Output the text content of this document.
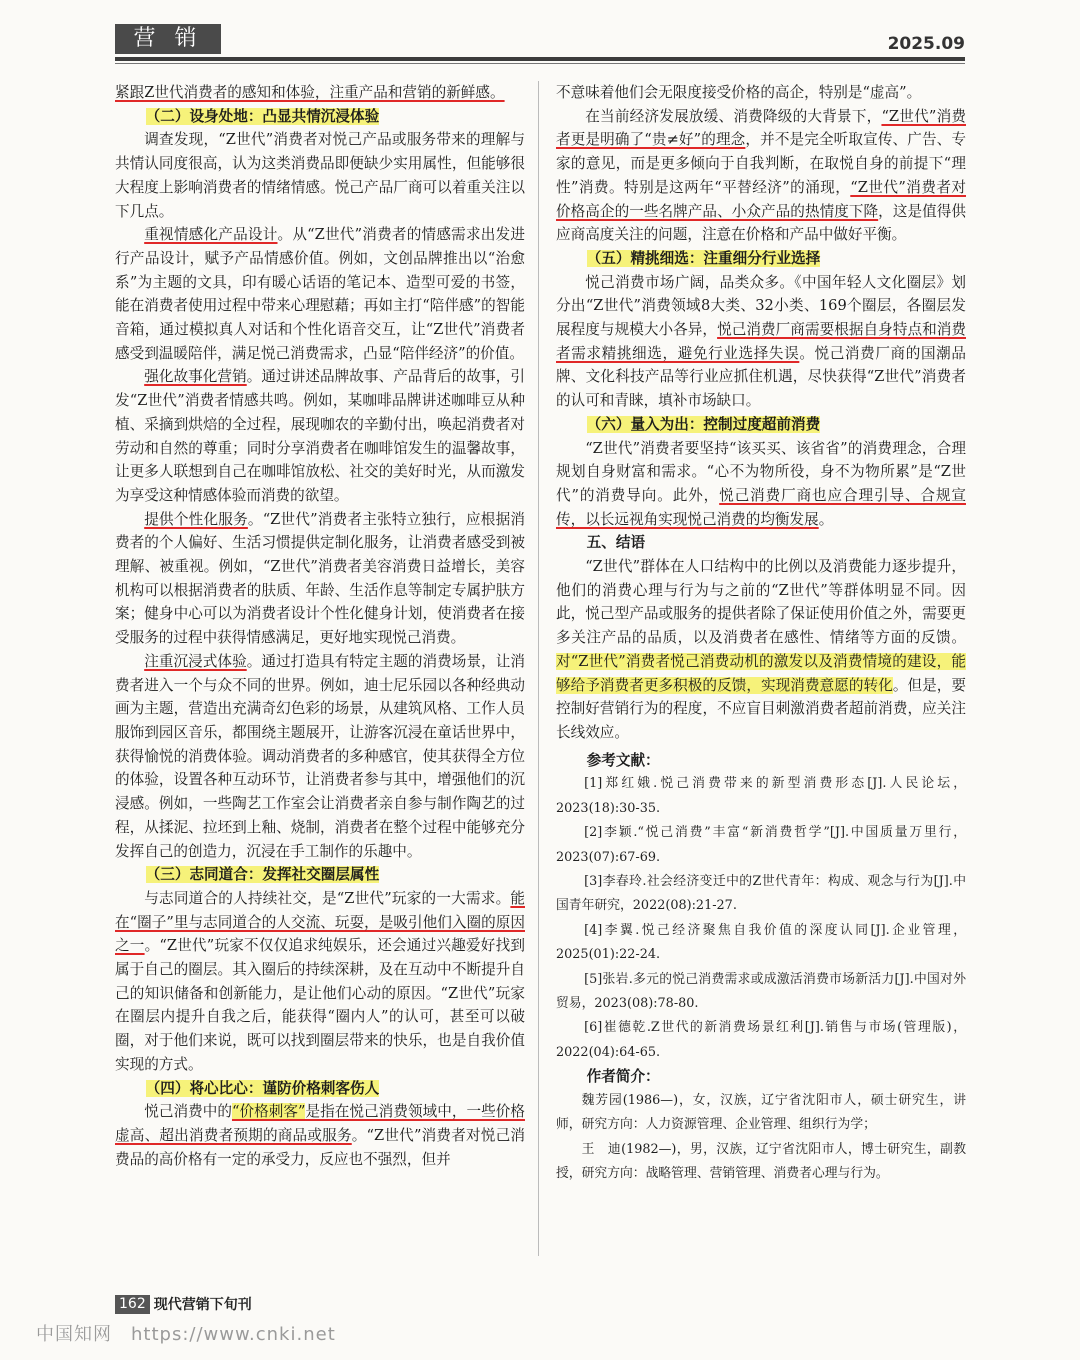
营 销	2025.09

紧跟Z世代消费者的感知和体验，注重产品和营销的新鲜感。

（二）设身处地：凸显共情沉浸体验

调查发现，“Z世代”消费者对悦己产品或服务带来的理解与共情认同度很高，认为这类消费品即便缺少实用属性，但能够很大程度上影响消费者的情绪情感。悦己产品厂商可以着重关注以下几点。

重视情感化产品设计。从“Z世代”消费者的情感需求出发进行产品设计，赋予产品情感价值。例如，文创品牌推出以“治愈系”为主题的文具，印有暖心话语的笔记本、造型可爱的书签，能在消费者使用过程中带来心理慰藉；再如主打“陪伴感”的智能音箱，通过模拟真人对话和个性化语音交互，让“Z世代”消费者感受到温暖陪伴，满足悦己消费需求，凸显“陪伴经济”的价值。

强化故事化营销。通过讲述品牌故事、产品背后的故事，引发“Z世代”消费者情感共鸣。例如，某咖啡品牌讲述咖啡豆从种植、采摘到烘焙的全过程，展现咖农的辛勤付出，唤起消费者对劳动和自然的尊重；同时分享消费者在咖啡馆发生的温馨故事，让更多人联想到自己在咖啡馆放松、社交的美好时光，从而激发为享受这种情感体验而消费的欲望。

提供个性化服务。“Z世代”消费者主张特立独行，应根据消费者的个人偏好、生活习惯提供定制化服务，让消费者感受到被理解、被重视。例如，“Z世代”消费者美容消费日益增长，美容机构可以根据消费者的肤质、年龄、生活作息等制定专属护肤方案；健身中心可以为消费者设计个性化健身计划，使消费者在接受服务的过程中获得情感满足，更好地实现悦己消费。

注重沉浸式体验。通过打造具有特定主题的消费场景，让消费者进入一个与众不同的世界。例如，迪士尼乐园以各种经典动画为主题，营造出充满奇幻色彩的场景，从建筑风格、工作人员服饰到园区音乐，都围绕主题展开，让游客沉浸在童话世界中，获得愉悦的消费体验。调动消费者的多种感官，使其获得全方位的体验，设置各种互动环节，让消费者参与其中，增强他们的沉浸感。例如，一些陶艺工作室会让消费者亲自参与制作陶艺的过程，从揉泥、拉坯到上釉、烧制，消费者在整个过程中能够充分发挥自己的创造力，沉浸在手工制作的乐趣中。

（三）志同道合：发挥社交圈层属性

与志同道合的人持续社交，是“Z世代”玩家的一大需求。能在“圈子”里与志同道合的人交流、玩耍，是吸引他们入圈的原因之一。“Z世代”玩家不仅仅追求纯娱乐，还会通过兴趣爱好找到属于自己的圈层。其入圈后的持续深耕，及在互动中不断提升自己的知识储备和创新能力，是让他们心动的原因。“Z世代”玩家在圈层内提升自我之后，能获得“圈内人”的认可，甚至可以破圈，对于他们来说，既可以找到圈层带来的快乐，也是自我价值实现的方式。

（四）将心比心：谨防价格刺客伤人

悦己消费中的“价格刺客”是指在悦己消费领域中，一些价格虚高、超出消费者预期的商品或服务。“Z世代”消费者对悦己消费品的高价格有一定的承受力，反应也不强烈，但并

不意味着他们会无限度接受价格的高企，特别是“虚高”。

在当前经济发展放缓、消费降级的大背景下，“Z世代”消费者更是明确了“贵≠好”的理念，并不是完全听取宣传、广告、专家的意见，而是更多倾向于自我判断，在取悦自身的前提下“理性”消费。特别是这两年“平替经济”的涌现，“Z世代”消费者对价格高企的一些名牌产品、小众产品的热情度下降，这是值得供应商高度关注的问题，注意在价格和产品中做好平衡。

（五）精挑细选：注重细分行业选择

悦己消费市场广阔，品类众多。《中国年轻人文化圈层》划分出“Z世代”消费领域8大类、32小类、169个圈层，各圈层发展程度与规模大小各异，悦己消费厂商需要根据自身特点和消费者需求精挑细选，避免行业选择失误。悦己消费厂商的国潮品牌、文化科技产品等行业应抓住机遇，尽快获得“Z世代”消费者的认可和青睐，填补市场缺口。

（六）量入为出：控制过度超前消费

“Z世代”消费者要坚持“该买买、该省省”的消费理念，合理规划自身财富和需求。“心不为物所役，身不为物所累”是“Z世代”的消费导向。此外，悦己消费厂商也应合理引导、合规宣传，以长远视角实现悦己消费的均衡发展。

五、结语

“Z世代”群体在人口结构中的比例以及消费能力逐步提升，他们的消费心理与行为与之前的“Z世代”等群体明显不同。因此，悦己型产品或服务的提供者除了保证使用价值之外，需要更多关注产品的品质，以及消费者在感性、情绪等方面的反馈。对“Z世代”消费者悦己消费动机的激发以及消费情境的建设，能够给予消费者更多积极的反馈，实现消费意愿的转化。但是，要控制好营销行为的程度，不应盲目刺激消费者超前消费，应关注长线效应。

参考文献：

[1]郑红娥.悦己消费带来的新型消费形态[J].人民论坛，2023(18):30-35.

[2]李颖.“悦己消费”丰富“新消费哲学”[J].中国质量万里行，2023(07):67-69.

[3]李春玲.社会经济变迁中的Z世代青年：构成、观念与行为[J].中国青年研究，2022(08):21-27.

[4]李翼.悦己经济聚焦自我价值的深度认同[J].企业管理，2025(01):22-24.

[5]张岩.多元的悦己消费需求或成激活消费市场新活力[J].中国对外贸易，2023(08):78-80.

[6]崔德乾.Z世代的新消费场景红利[J].销售与市场(管理版)，2022(04):64-65.

作者简介：

魏芳园(1986—)，女，汉族，辽宁省沈阳市人，硕士研究生，讲师，研究方向：人力资源管理、企业管理、组织行为学；

王　迪(1982—)，男，汉族，辽宁省沈阳市人，博士研究生，副教授，研究方向：战略管理、营销管理、消费者心理与行为。

162 现代营销下旬刊
中国知网　https://www.cnki.net
